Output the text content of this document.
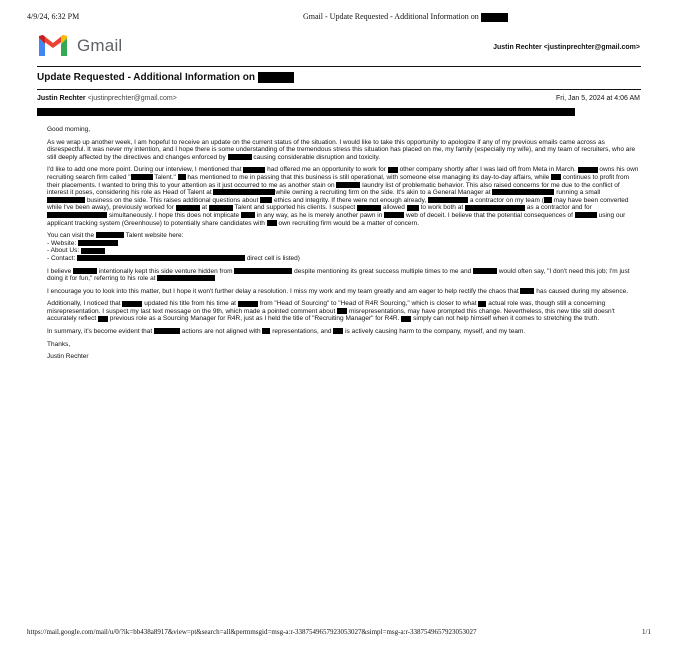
4/9/24, 6:32 PM	Gmail - Update Requested - Additional Information on
Gmail	Justin Rechter <justinprechter@gmail.com>
Update Requested - Additional Information on
Justin Rechter <justinprechter@gmail.com>	Fri, Jan 5, 2024 at 4:06 AM

Good morning,

As we wrap up another week, I am hopeful to receive an update on the current status of the situation. I would like to take this opportunity to apologize if any of my previous emails came across as disrespectful. It was never my intention, and I hope there is some understanding of the tremendous stress this situation has placed on me, my family (especially my wife), and my team of recruiters, who are still deeply affected by the directives and changes enforced by	causing considerable disruption and toxicity.

I'd like to add one more point. During our interview, I mentioned that	had offered me an opportunity to work for other company shortly after I was laid off from Meta in March.	owns his own recruiting search firm called "	Talent." has mentioned to me in passing that this business is still operational, with someone else managing its day-to-day affairs, while continues to profit from their placements. I wanted to bring this to your attention as it just occurred to me as another stain on	laundry list of problematic behavior. This also raised concerns for me due to the conflict of interest it poses, considering his role as Head of Talent at	while owning a recruiting firm on the side. It's akin to a General Manager at	running a small  business on the side. This raises additional questions about ethics and integrity. If there were not enough already,	a contractor on my team ( may have been converted while I've been away), previously worked for	at	Talent and supported his clients. I suspect	allowed to work both at	as a contractor and for  simultaneously. I hope this does not implicate	in any way, as he is merely another pawn in	web of deceit. I believe that the potential consequences of	using our applicant tracking system (Greenhouse) to potentially share candidates with own recruiting firm would be a matter of concern.

You can visit the	Talent website here:

- Website:

- About Us:

- Contact:	direct cell is listed)

I believe	intentionally kept this side venture hidden from	despite mentioning its great success multiple times to me and	would often say, "I don't need this job; I'm just doing it for fun," referring to his role at

I encourage you to look into this matter, but I hope it won't further delay a resolution. I miss my work and my team greatly and am eager to help rectify the chaos that	has caused during my absence.

Additionally, I noticed that	updated his title from his time at	from "Head of Sourcing" to "Head of R4R Sourcing," which is closer to what actual role was, though still a concerning misrepresentation. I suspect my last text message on the 9th, which made a pointed comment about misrepresentations, may have prompted this change. Nevertheless, this new title still doesn't accurately reflect previous role as a Sourcing Manager for R4R, just as I held the title of "Recruiting Manager" for R4R. simply can not help himself when it comes to stretching the truth.

In summary, it's become evident that	actions are not aligned with representations, and is actively causing harm to the company, myself, and my team.

Thanks,

Justin Rechter

https://mail.google.com/mail/u/0/?ik=bb438a8917&view=pt&search=all&permmsgid=msg-a:r-3387549657923053027&simpl=msg-a:r-3387549657923053027	1/1
